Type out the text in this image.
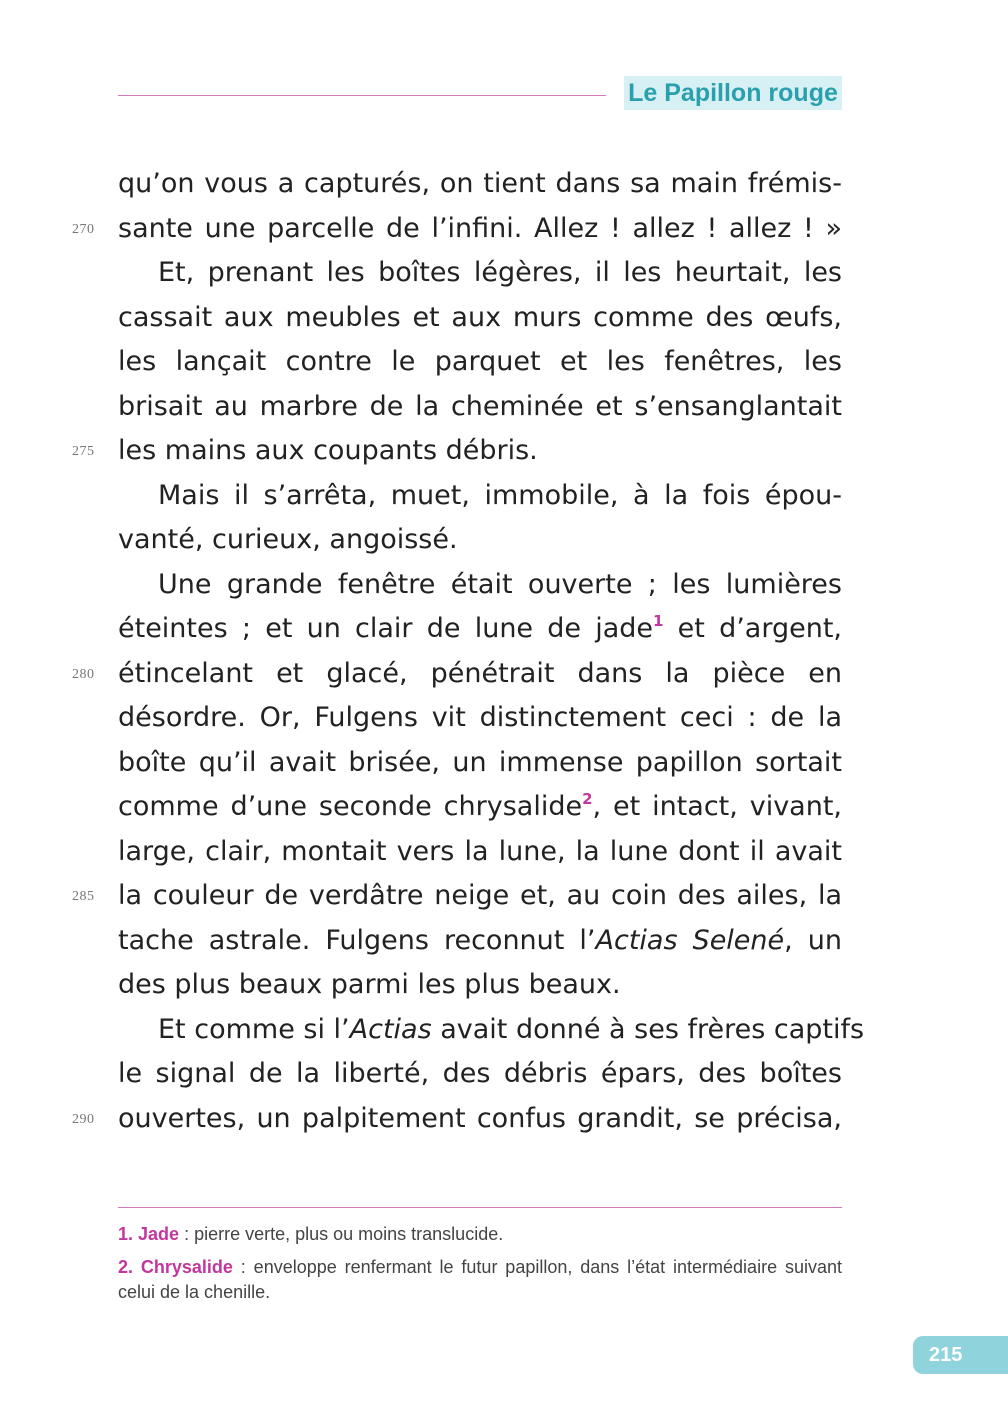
Le Papillon rouge
qu’on vous a capturés, on tient dans sa main frémis-
270 sante une parcelle de l’infini. Allez ! allez ! allez ! »
Et, prenant les boîtes légères, il les heurtait, les
cassait aux meubles et aux murs comme des œufs,
les lançait contre le parquet et les fenêtres, les
brisait au marbre de la cheminée et s’ensanglantait
275 les mains aux coupants débris.
Mais il s’arrêta, muet, immobile, à la fois épou-
vanté, curieux, angoissé.
Une grande fenêtre était ouverte ; les lumières
éteintes ; et un clair de lune de jade$^1$ et d’argent,
280 étincelant et glacé, pénétrait dans la pièce en
désordre. Or, Fulgens vit distinctement ceci : de la
boîte qu’il avait brisée, un immense papillon sortait
comme d’une seconde chrysalide$^2$, et intact, vivant,
large, clair, montait vers la lune, la lune dont il avait
285 la couleur de verdâtre neige et, au coin des ailes, la
tache astrale. Fulgens reconnut l’Actias Selené, un
des plus beaux parmi les plus beaux.
Et comme si l’Actias avait donné à ses frères captifs
le signal de la liberté, des débris épars, des boîtes
290 ouvertes, un palpitement confus grandit, se précisa,
1. Jade : pierre verte, plus ou moins translucide.
2. Chrysalide : enveloppe renfermant le futur papillon, dans l’état intermédiaire suivant celui de la chenille.
215
